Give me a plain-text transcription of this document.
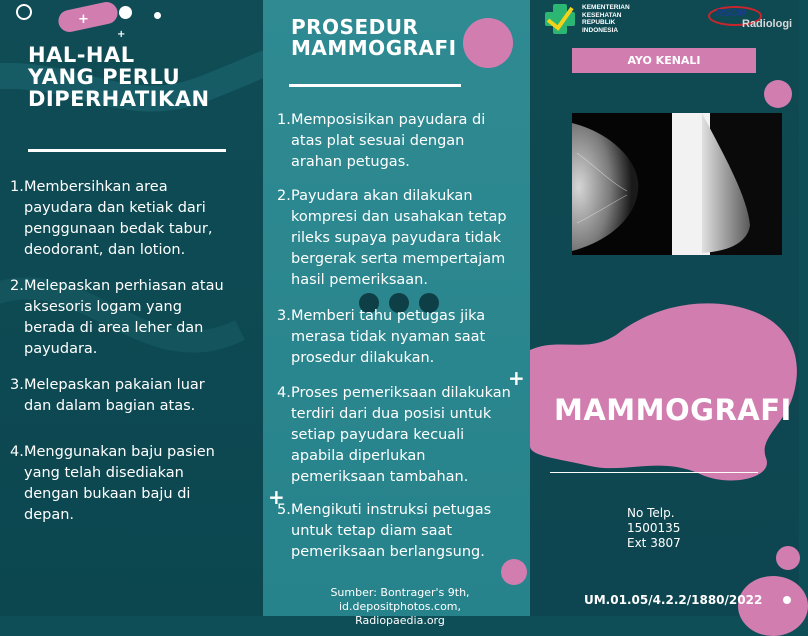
+
+
HAL-HAL
YANG PERLU
DIPERHATIKAN
1. Membersihkan area
payudara dan ketiak dari
penggunaan bedak tabur,
deodorant, dan lotion.
2. Melepaskan perhiasan atau
aksesoris logam yang
berada di area leher dan
payudara.
3. Melepaskan pakaian luar
dan dalam bagian atas.
4. Menggunakan baju pasien
yang telah disediakan
dengan bukaan baju di
depan.
PROSEDUR
MAMMOGRAFI
+
+
1. Memposisikan payudara di
atas plat sesuai dengan
arahan petugas.
2. Payudara akan dilakukan
kompresi dan usahakan tetap
rileks supaya payudara tidak
bergerak serta mempertajam
hasil pemeriksaan.
3. Memberi tahu petugas jika
merasa tidak nyaman saat
prosedur dilakukan.
4. Proses pemeriksaan dilakukan
terdiri dari dua posisi untuk
setiap payudara kecuali
apabila diperlukan
pemeriksaan tambahan.
5. Mengikuti instruksi petugas
untuk tetap diam saat
pemeriksaan berlangsung.
Sumber: Bontrager's 9th, id.depositphotos.com,
Radiopaedia.org
KEMENTERIAN
KESEHATAN
REPUBLIK
INDONESIA
RSCM
Radiologi
AYO KENALI
MAMMOGRAFI
No Telp.
1500135
Ext 3807
UM.01.05/4.2.2/1880/2022
